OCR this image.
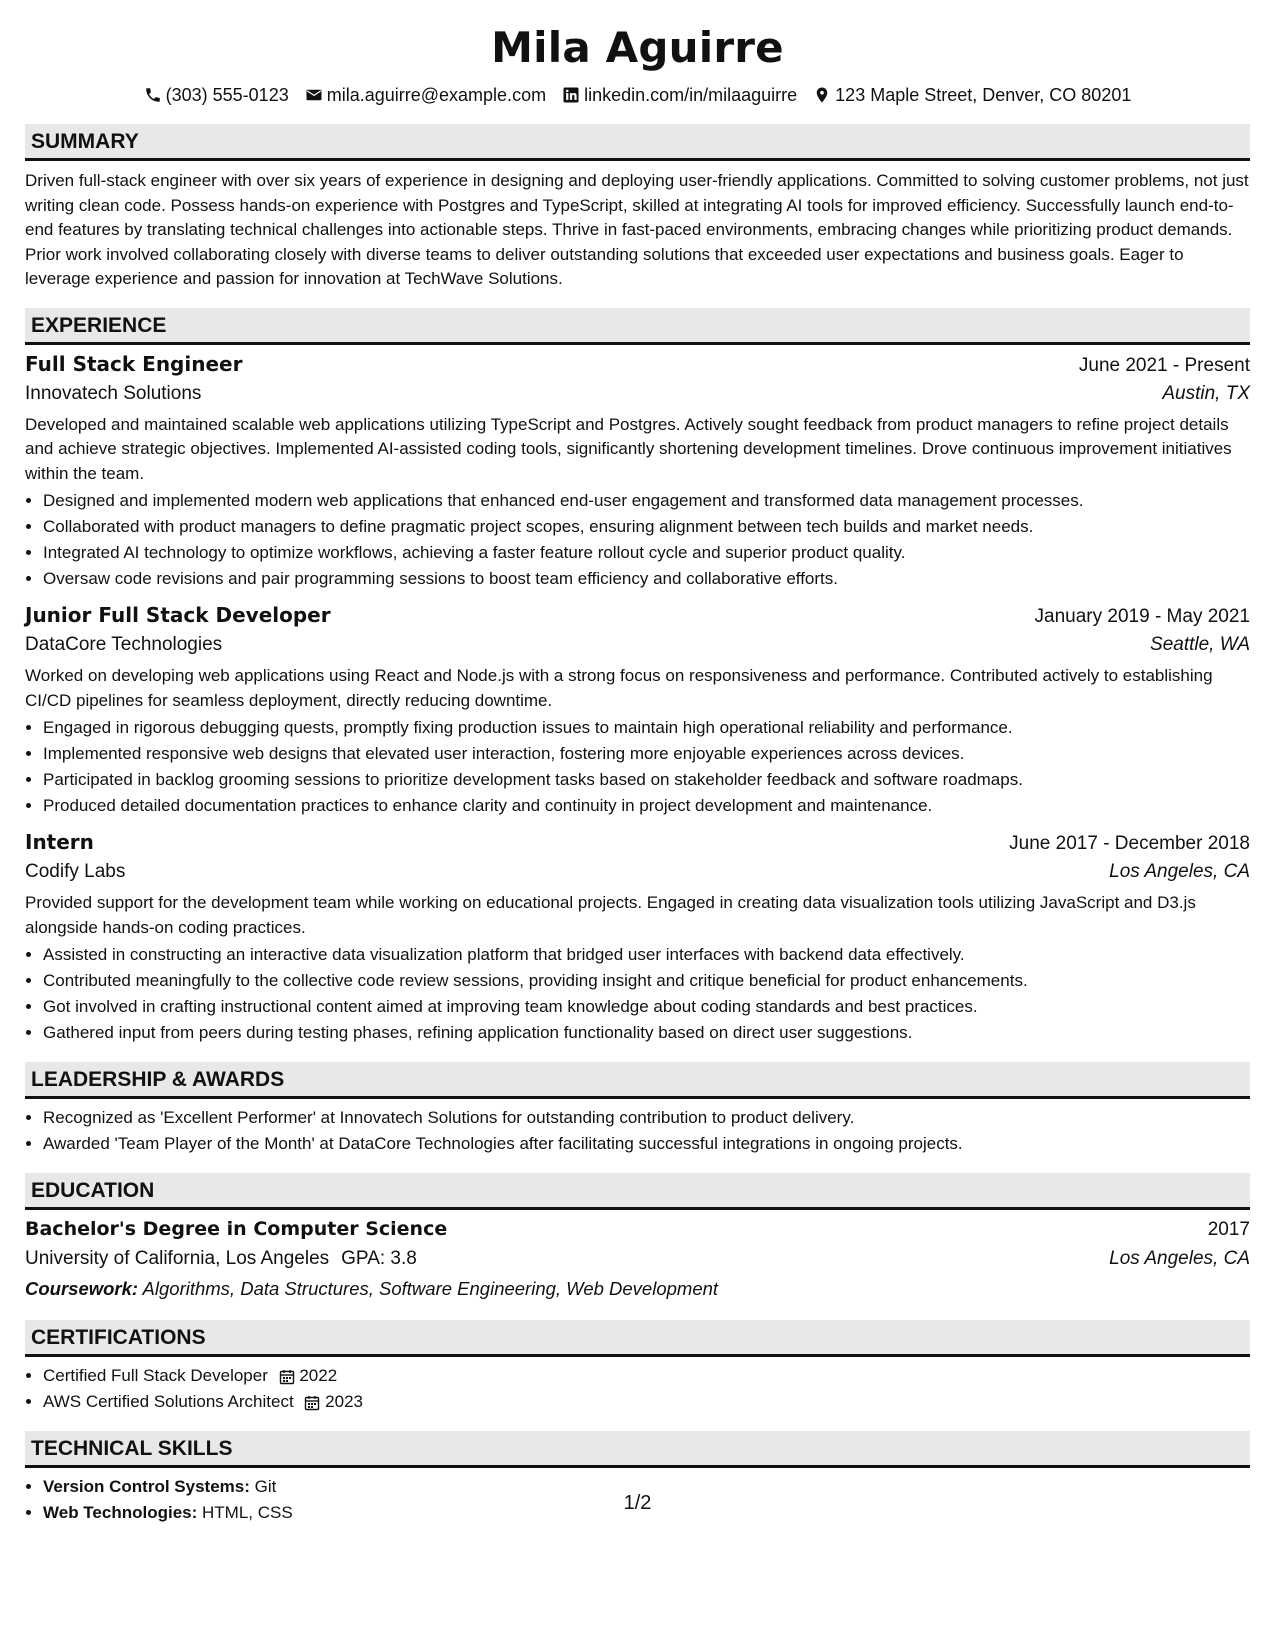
Mila Aguirre
(303) 555-0123 mila.aguirre@example.com linkedin.com/in/milaaguirre 123 Maple Street, Denver, CO 80201
SUMMARY
Driven full-stack engineer with over six years of experience in designing and deploying user-friendly applications. Committed to solving customer problems, not just writing clean code. Possess hands-on experience with Postgres and TypeScript, skilled at integrating AI tools for improved efficiency. Successfully launch end-to-end features by translating technical challenges into actionable steps. Thrive in fast-paced environments, embracing changes while prioritizing product demands. Prior work involved collaborating closely with diverse teams to deliver outstanding solutions that exceeded user expectations and business goals. Eager to leverage experience and passion for innovation at TechWave Solutions.
EXPERIENCE
Full Stack Engineer	June 2021 - Present
Innovatech Solutions	Austin, TX
Developed and maintained scalable web applications utilizing TypeScript and Postgres. Actively sought feedback from product managers to refine project details and achieve strategic objectives. Implemented AI-assisted coding tools, significantly shortening development timelines. Drove continuous improvement initiatives within the team.
• Designed and implemented modern web applications that enhanced end-user engagement and transformed data management processes.
• Collaborated with product managers to define pragmatic project scopes, ensuring alignment between tech builds and market needs.
• Integrated AI technology to optimize workflows, achieving a faster feature rollout cycle and superior product quality.
• Oversaw code revisions and pair programming sessions to boost team efficiency and collaborative efforts.
Junior Full Stack Developer	January 2019 - May 2021
DataCore Technologies	Seattle, WA
Worked on developing web applications using React and Node.js with a strong focus on responsiveness and performance. Contributed actively to establishing CI/CD pipelines for seamless deployment, directly reducing downtime.
• Engaged in rigorous debugging quests, promptly fixing production issues to maintain high operational reliability and performance.
• Implemented responsive web designs that elevated user interaction, fostering more enjoyable experiences across devices.
• Participated in backlog grooming sessions to prioritize development tasks based on stakeholder feedback and software roadmaps.
• Produced detailed documentation practices to enhance clarity and continuity in project development and maintenance.
Intern	June 2017 - December 2018
Codify Labs	Los Angeles, CA
Provided support for the development team while working on educational projects. Engaged in creating data visualization tools utilizing JavaScript and D3.js alongside hands-on coding practices.
• Assisted in constructing an interactive data visualization platform that bridged user interfaces with backend data effectively.
• Contributed meaningfully to the collective code review sessions, providing insight and critique beneficial for product enhancements.
• Got involved in crafting instructional content aimed at improving team knowledge about coding standards and best practices.
• Gathered input from peers during testing phases, refining application functionality based on direct user suggestions.
LEADERSHIP & AWARDS
• Recognized as 'Excellent Performer' at Innovatech Solutions for outstanding contribution to product delivery.
• Awarded 'Team Player of the Month' at DataCore Technologies after facilitating successful integrations in ongoing projects.
EDUCATION
Bachelor's Degree in Computer Science	2017
University of California, Los Angeles GPA: 3.8	Los Angeles, CA
Coursework: Algorithms, Data Structures, Software Engineering, Web Development
CERTIFICATIONS
• Certified Full Stack Developer 2022
• AWS Certified Solutions Architect 2023
TECHNICAL SKILLS
• Version Control Systems: Git
• Web Technologies: HTML, CSS	1/2
